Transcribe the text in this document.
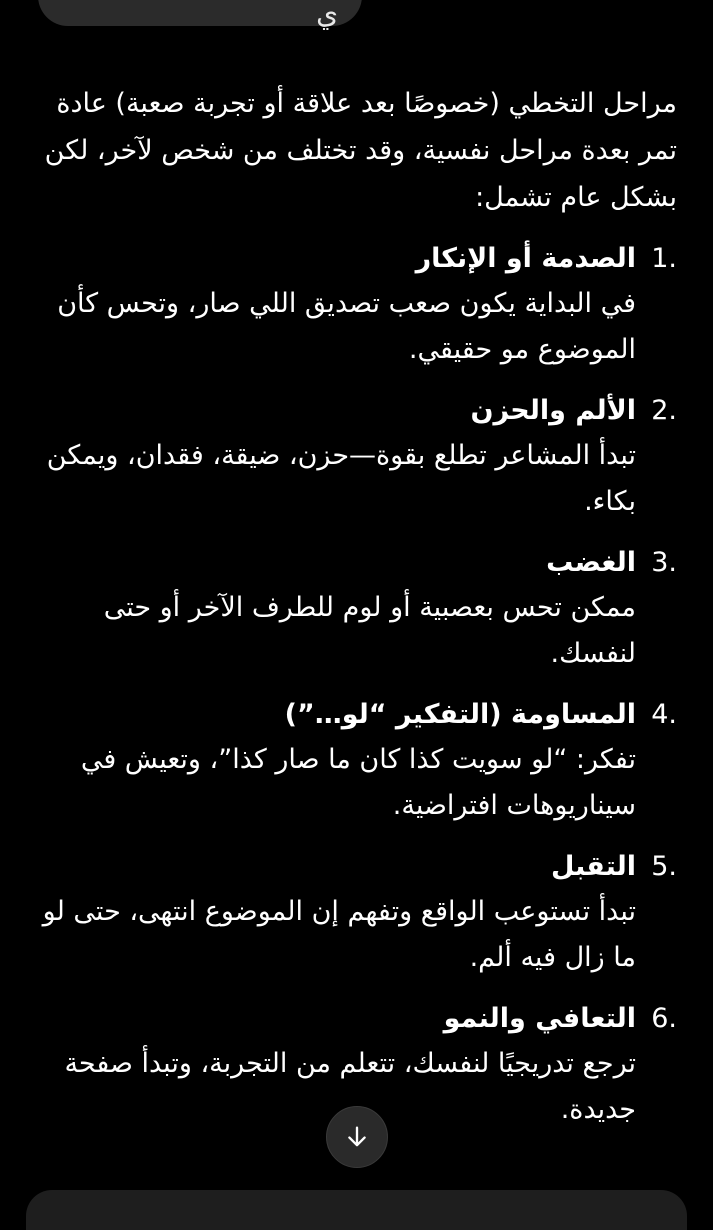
ي

مراحل التخطي (خصوصًا بعد علاقة أو تجربة صعبة) عادة تمر بعدة مراحل نفسية، وقد تختلف من شخص لآخر، لكن بشكل عام تشمل:

1.
الصدمة أو الإنكار
في البداية يكون صعب تصديق اللي صار، وتحس كأن الموضوع مو حقيقي.
2.
الألم والحزن
تبدأ المشاعر تطلع بقوة—حزن، ضيقة، فقدان، ويمكن بكاء.
3.
الغضب
ممكن تحس بعصبية أو لوم للطرف الآخر أو حتى لنفسك.
4.
المساومة (التفكير “لو…”)
تفكر: “لو سويت كذا كان ما صار كذا”، وتعيش في سيناريوهات افتراضية.
5.
التقبل
تبدأ تستوعب الواقع وتفهم إن الموضوع انتهى، حتى لو ما زال فيه ألم.
6.
التعافي والنمو
ترجع تدريجيًا لنفسك، تتعلم من التجربة، وتبدأ صفحة جديدة.
